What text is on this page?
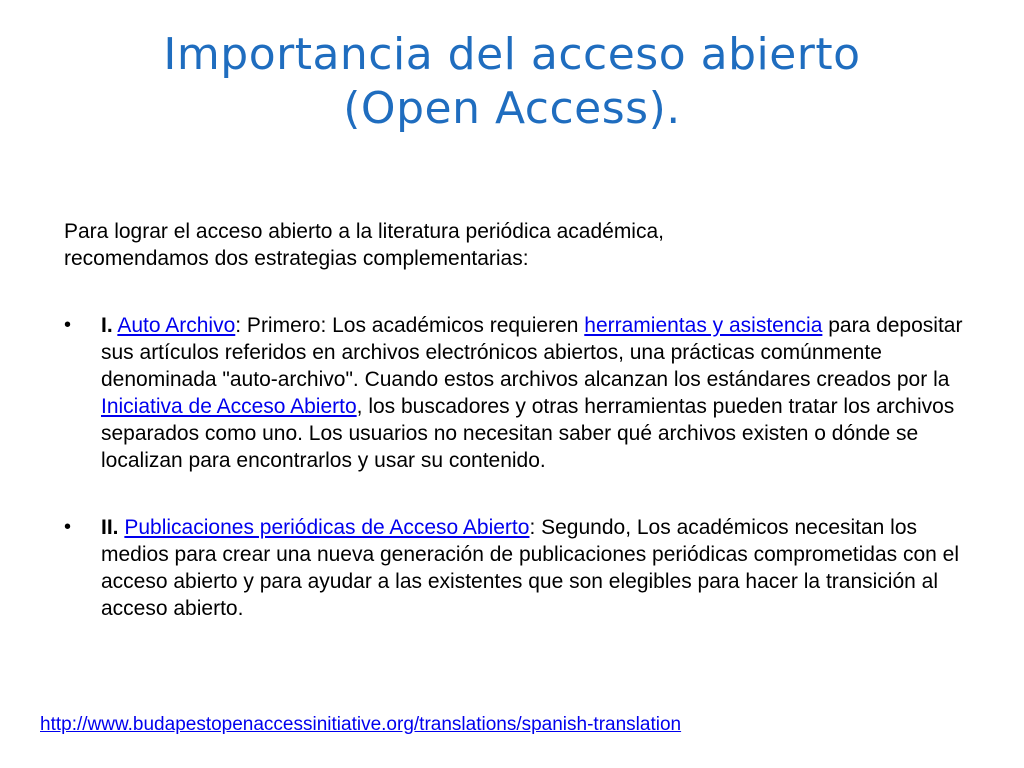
Importancia del acceso abierto
(Open Access).
Para lograr el acceso abierto a la literatura periódica académica,
recomendamos dos estrategias complementarias:
• I. Auto Archivo: Primero: Los académicos requieren herramientas y asistencia para depositar sus artículos referidos en archivos electrónicos abiertos, una prácticas comúnmente denominada "auto-archivo". Cuando estos archivos alcanzan los estándares creados por la Iniciativa de Acceso Abierto, los buscadores y otras herramientas pueden tratar los archivos separados como uno. Los usuarios no necesitan saber qué archivos existen o dónde se localizan para encontrarlos y usar su contenido.
• II. Publicaciones periódicas de Acceso Abierto: Segundo, Los académicos necesitan los medios para crear una nueva generación de publicaciones periódicas comprometidas con el acceso abierto y para ayudar a las existentes que son elegibles para hacer la transición al acceso abierto.
http://www.budapestopenaccessinitiative.org/translations/spanish-translation
